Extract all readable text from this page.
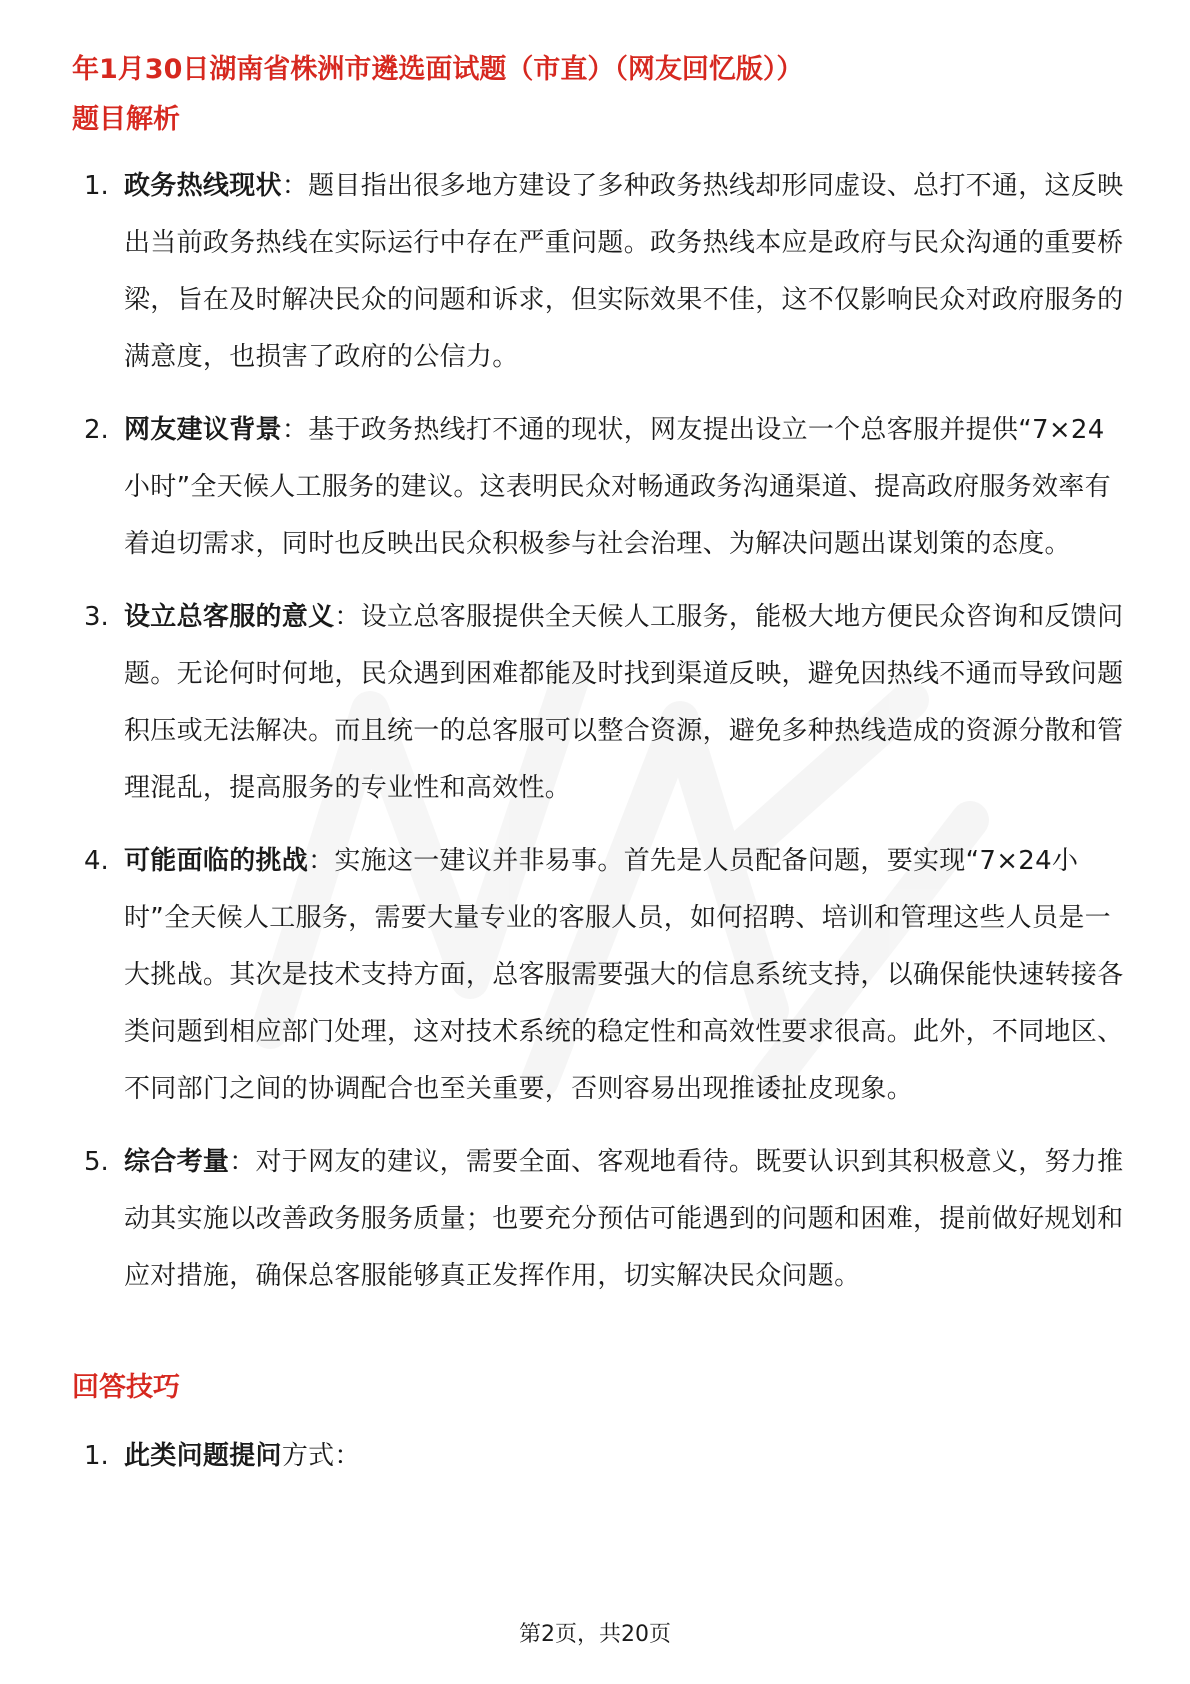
年1月30日湖南省株洲市遴选面试题（市直）（网友回忆版））
题目解析
1. 政务热线现状：题目指出很多地方建设了多种政务热线却形同虚设、总打不通，这反映出当前政务热线在实际运行中存在严重问题。政务热线本应是政府与民众沟通的重要桥梁，旨在及时解决民众的问题和诉求，但实际效果不佳，这不仅影响民众对政府服务的满意度，也损害了政府的公信力。
2. 网友建议背景：基于政务热线打不通的现状，网友提出设立一个总客服并提供“7×24小时”全天候人工服务的建议。这表明民众对畅通政务沟通渠道、提高政府服务效率有着迫切需求，同时也反映出民众积极参与社会治理、为解决问题出谋划策的态度。
3. 设立总客服的意义：设立总客服提供全天候人工服务，能极大地方便民众咨询和反馈问题。无论何时何地，民众遇到困难都能及时找到渠道反映，避免因热线不通而导致问题积压或无法解决。而且统一的总客服可以整合资源，避免多种热线造成的资源分散和管理混乱，提高服务的专业性和高效性。
4. 可能面临的挑战：实施这一建议并非易事。首先是人员配备问题，要实现“7×24小时”全天候人工服务，需要大量专业的客服人员，如何招聘、培训和管理这些人员是一大挑战。其次是技术支持方面，总客服需要强大的信息系统支持，以确保能快速转接各类问题到相应部门处理，这对技术系统的稳定性和高效性要求很高。此外，不同地区、不同部门之间的协调配合也至关重要，否则容易出现推诿扯皮现象。
5. 综合考量：对于网友的建议，需要全面、客观地看待。既要认识到其积极意义，努力推动其实施以改善政务服务质量；也要充分预估可能遇到的问题和困难，提前做好规划和应对措施，确保总客服能够真正发挥作用，切实解决民众问题。
回答技巧
1. 此类问题提问方式：
第2页，共20页
